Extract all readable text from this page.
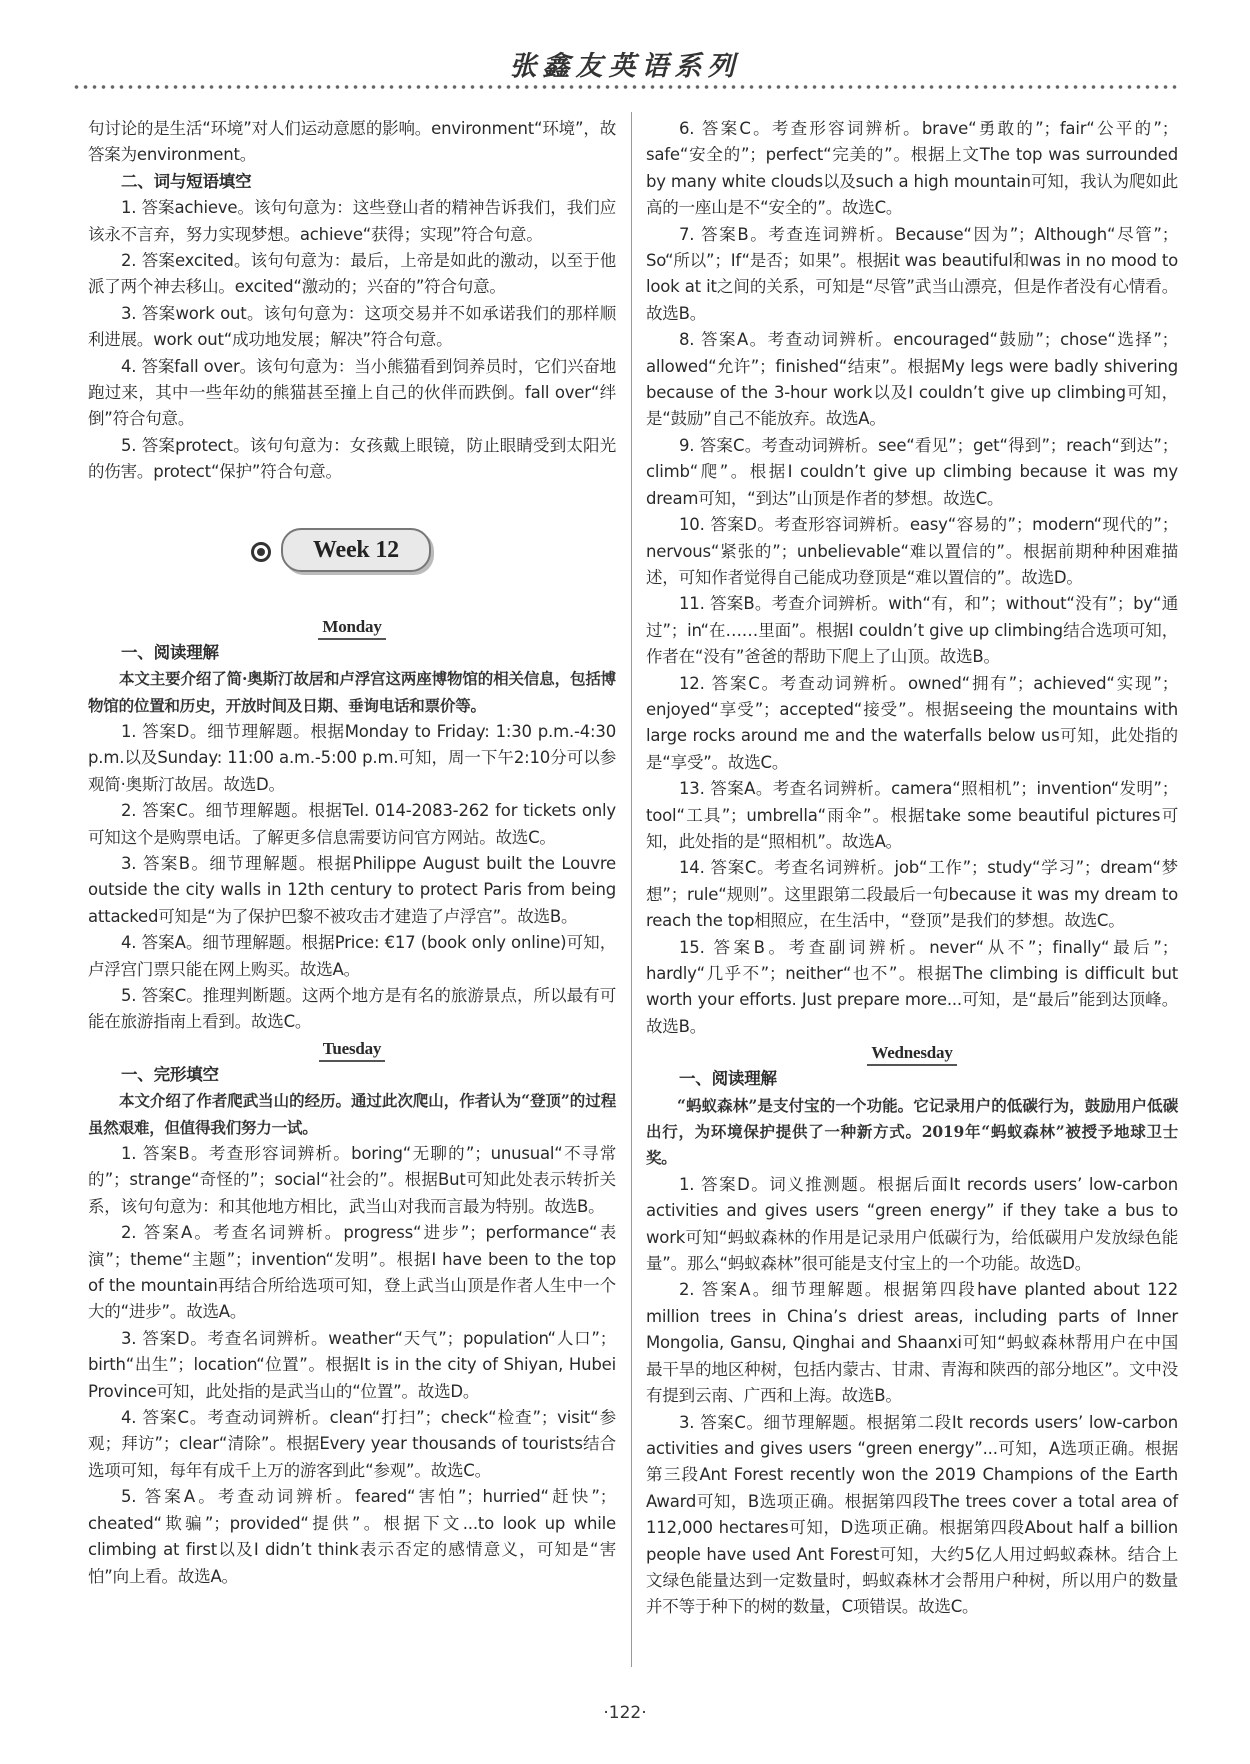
张鑫友英语系列

句讨论的是生活“环境”对人们运动意愿的影响。environment“环境”，故答案为environment。

二、词与短语填空

1. 答案achieve。该句句意为：这些登山者的精神告诉我们，我们应该永不言弃，努力实现梦想。achieve“获得；实现”符合句意。

2. 答案excited。该句句意为：最后，上帝是如此的激动，以至于他派了两个神去移山。excited“激动的；兴奋的”符合句意。

3. 答案work out。该句句意为：这项交易并不如承诺我们的那样顺利进展。work out“成功地发展；解决”符合句意。

4. 答案fall over。该句句意为：当小熊猫看到饲养员时，它们兴奋地跑过来，其中一些年幼的熊猫甚至撞上自己的伙伴而跌倒。fall over“绊倒”符合句意。

5. 答案protect。该句句意为：女孩戴上眼镜，防止眼睛受到太阳光的伤害。protect“保护”符合句意。

Week 12
Monday

一、阅读理解

本文主要介绍了简·奥斯汀故居和卢浮宫这两座博物馆的相关信息，包括博物馆的位置和历史，开放时间及日期、垂询电话和票价等。

1. 答案D。细节理解题。根据Monday to Friday: 1:30 p.m.-4:30 p.m.以及Sunday: 11:00 a.m.-5:00 p.m.可知，周一下午2:10分可以参观简·奥斯汀故居。故选D。

2. 答案C。细节理解题。根据Tel. 014-2083-262 for tickets only可知这个是购票电话。了解更多信息需要访问官方网站。故选C。

3. 答案B。细节理解题。根据Philippe August built the Louvre outside the city walls in 12th century to protect Paris from being attacked可知是“为了保护巴黎不被攻击才建造了卢浮宫”。故选B。

4. 答案A。细节理解题。根据Price: €17 (book only online)可知，卢浮宫门票只能在网上购买。故选A。

5. 答案C。推理判断题。这两个地方是有名的旅游景点，所以最有可能在旅游指南上看到。故选C。

Tuesday

一、完形填空

本文介绍了作者爬武当山的经历。通过此次爬山，作者认为“登顶”的过程虽然艰难，但值得我们努力一试。

1. 答案B。考查形容词辨析。boring“无聊的”；unusual“不寻常的”；strange“奇怪的”；social“社会的”。根据But可知此处表示转折关系，该句句意为：和其他地方相比，武当山对我而言最为特别。故选B。

2. 答案A。考查名词辨析。progress“进步”；performance“表演”；theme“主题”；invention“发明”。根据I have been to the top of the mountain再结合所给选项可知，登上武当山顶是作者人生中一个大的“进步”。故选A。

3. 答案D。考查名词辨析。weather“天气”；population“人口”；birth“出生”；location“位置”。根据It is in the city of Shiyan, Hubei Province可知，此处指的是武当山的“位置”。故选D。

4. 答案C。考查动词辨析。clean“打扫”；check“检查”；visit“参观；拜访”；clear“清除”。根据Every year thousands of tourists结合选项可知，每年有成千上万的游客到此“参观”。故选C。

5. 答案A。考查动词辨析。feared“害怕”；hurried“赶快”；cheated“欺骗”；provided“提供”。根据下文...to look up while climbing at first以及I didn’t think表示否定的感情意义，可知是“害怕”向上看。故选A。

6. 答案C。考查形容词辨析。brave“勇敢的”；fair“公平的”；safe“安全的”；perfect“完美的”。根据上文The top was surrounded by many white clouds以及such a high mountain可知，我认为爬如此高的一座山是不“安全的”。故选C。

7. 答案B。考查连词辨析。Because“因为”；Although“尽管”；So“所以”；If“是否；如果”。根据it was beautiful和was in no mood to look at it之间的关系，可知是“尽管”武当山漂亮，但是作者没有心情看。故选B。

8. 答案A。考查动词辨析。encouraged“鼓励”；chose“选择”；allowed“允许”；finished“结束”。根据My legs were badly shivering because of the 3-hour work以及I couldn’t give up climbing可知，是“鼓励”自己不能放弃。故选A。

9. 答案C。考查动词辨析。see“看见”；get“得到”；reach“到达”；climb“爬”。根据I couldn’t give up climbing because it was my dream可知，“到达”山顶是作者的梦想。故选C。

10. 答案D。考查形容词辨析。easy“容易的”；modern“现代的”；nervous“紧张的”；unbelievable“难以置信的”。根据前期种种困难描述，可知作者觉得自己能成功登顶是“难以置信的”。故选D。

11. 答案B。考查介词辨析。with“有，和”；without“没有”；by“通过”；in“在……里面”。根据I couldn’t give up climbing结合选项可知，作者在“没有”爸爸的帮助下爬上了山顶。故选B。

12. 答案C。考查动词辨析。owned“拥有”；achieved“实现”；enjoyed“享受”；accepted“接受”。根据seeing the mountains with large rocks around me and the waterfalls below us可知，此处指的是“享受”。故选C。

13. 答案A。考查名词辨析。camera“照相机”；invention“发明”；tool“工具”；umbrella“雨伞”。根据take some beautiful pictures可知，此处指的是“照相机”。故选A。

14. 答案C。考查名词辨析。job“工作”；study“学习”；dream“梦想”；rule“规则”。这里跟第二段最后一句because it was my dream to reach the top相照应，在生活中，“登顶”是我们的梦想。故选C。

15. 答案B。考查副词辨析。never“从不”；finally“最后”；hardly“几乎不”；neither“也不”。根据The climbing is difficult but worth your efforts. Just prepare more...可知，是“最后”能到达顶峰。故选B。

Wednesday

一、阅读理解

“蚂蚁森林”是支付宝的一个功能。它记录用户的低碳行为，鼓励用户低碳出行，为环境保护提供了一种新方式。2019年“蚂蚁森林”被授予地球卫士奖。

1. 答案D。词义推测题。根据后面It records users’ low-carbon activities and gives users “green energy” if they take a bus to work可知“蚂蚁森林的作用是记录用户低碳行为，给低碳用户发放绿色能量”。那么“蚂蚁森林”很可能是支付宝上的一个功能。故选D。

2. 答案A。细节理解题。根据第四段have planted about 122 million trees in China’s driest areas, including parts of Inner Mongolia, Gansu, Qinghai and Shaanxi可知“蚂蚁森林帮用户在中国最干旱的地区种树，包括内蒙古、甘肃、青海和陕西的部分地区”。文中没有提到云南、广西和上海。故选B。

3. 答案C。细节理解题。根据第二段It records users’ low-carbon activities and gives users “green energy”...可知，A选项正确。根据第三段Ant Forest recently won the 2019 Champions of the Earth Award可知，B选项正确。根据第四段The trees cover a total area of 112,000 hectares可知，D选项正确。根据第四段About half a billion people have used Ant Forest可知，大约5亿人用过蚂蚁森林。结合上文绿色能量达到一定数量时，蚂蚁森林才会帮用户种树，所以用户的数量并不等于种下的树的数量，C项错误。故选C。

·122·
